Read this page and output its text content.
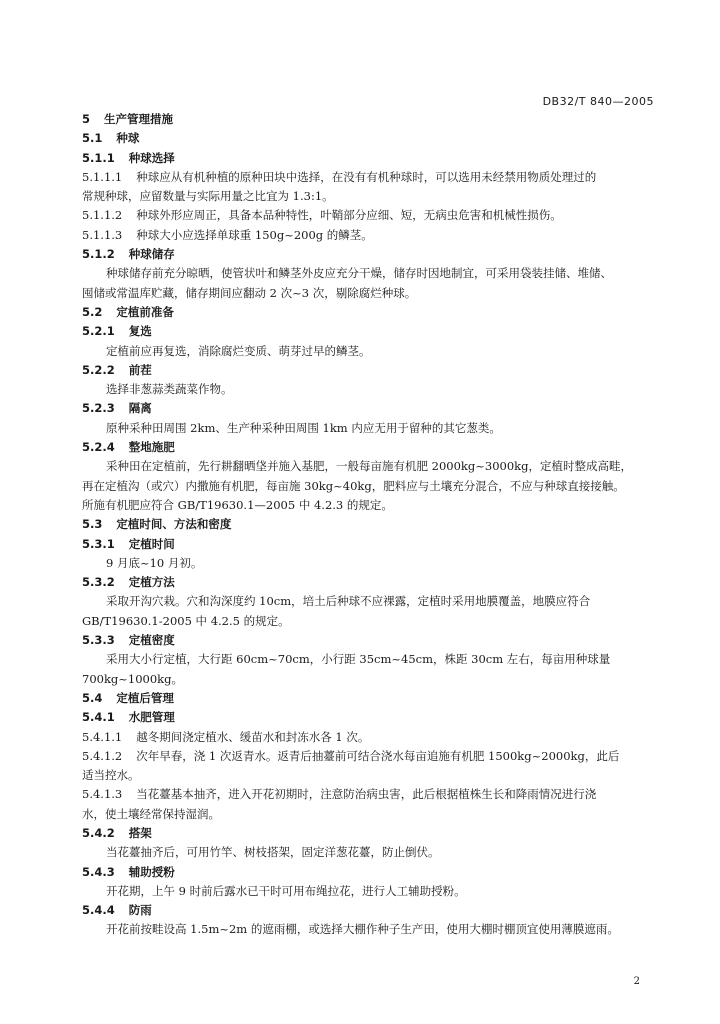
DB32/T 840—2005
5 生产管理措施
5.1 种球
5.1.1 种球选择
5.1.1.1 种球应从有机种植的原种田块中选择，在没有有机种球时，可以选用未经禁用物质处理过的
常规种球，应留数量与实际用量之比宜为 1.3:1。
5.1.1.2 种球外形应周正，具备本品种特性，叶鞘部分应细、短，无病虫危害和机械性损伤。
5.1.1.3 种球大小应选择单球重 150g~200g 的鳞茎。
5.1.2 种球储存
种球储存前充分晾晒，使管状叶和鳞茎外皮应充分干燥，储存时因地制宜，可采用袋装挂储、堆储、
囤储或常温库贮藏，储存期间应翻动 2 次~3 次，剔除腐烂种球。
5.2 定植前准备
5.2.1 复选
定植前应再复选，消除腐烂变质、萌芽过早的鳞茎。
5.2.2 前茬
选择非葱蒜类蔬菜作物。
5.2.3 隔离
原种采种田周围 2km、生产种采种田周围 1km 内应无用于留种的其它葱类。
5.2.4 整地施肥
采种田在定植前，先行耕翻晒垡并施入基肥，一般每亩施有机肥 2000kg~3000kg，定植时整成高畦，
再在定植沟（或穴）内撒施有机肥，每亩施 30kg~40kg，肥料应与土壤充分混合，不应与种球直接接触。
所施有机肥应符合 GB/T19630.1—2005 中 4.2.3 的规定。
5.3 定植时间、方法和密度
5.3.1 定植时间
9 月底~10 月初。
5.3.2 定植方法
采取开沟穴栽。穴和沟深度约 10cm，培土后种球不应裸露，定植时采用地膜覆盖，地膜应符合
GB/T19630.1-2005 中 4.2.5 的规定。
5.3.3 定植密度
采用大小行定植，大行距 60cm~70cm，小行距 35cm~45cm，株距 30cm 左右，每亩用种球量
700kg~1000kg。
5.4 定植后管理
5.4.1 水肥管理
5.4.1.1 越冬期间浇定植水、缓苗水和封冻水各 1 次。
5.4.1.2 次年早春，浇 1 次返青水。返青后抽薹前可结合浇水每亩追施有机肥 1500kg~2000kg，此后
适当控水。
5.4.1.3 当花薹基本抽齐，进入开花初期时，注意防治病虫害，此后根据植株生长和降雨情况进行浇
水，使土壤经常保持湿润。
5.4.2 搭架
当花薹抽齐后，可用竹竿、树枝搭架，固定洋葱花薹，防止倒伏。
5.4.3 辅助授粉
开花期，上午 9 时前后露水已干时可用布绳拉花，进行人工辅助授粉。
5.4.4 防雨
开花前按畦设高 1.5m~2m 的遮雨棚，或选择大棚作种子生产田，使用大棚时棚顶宜使用薄膜遮雨。
2
